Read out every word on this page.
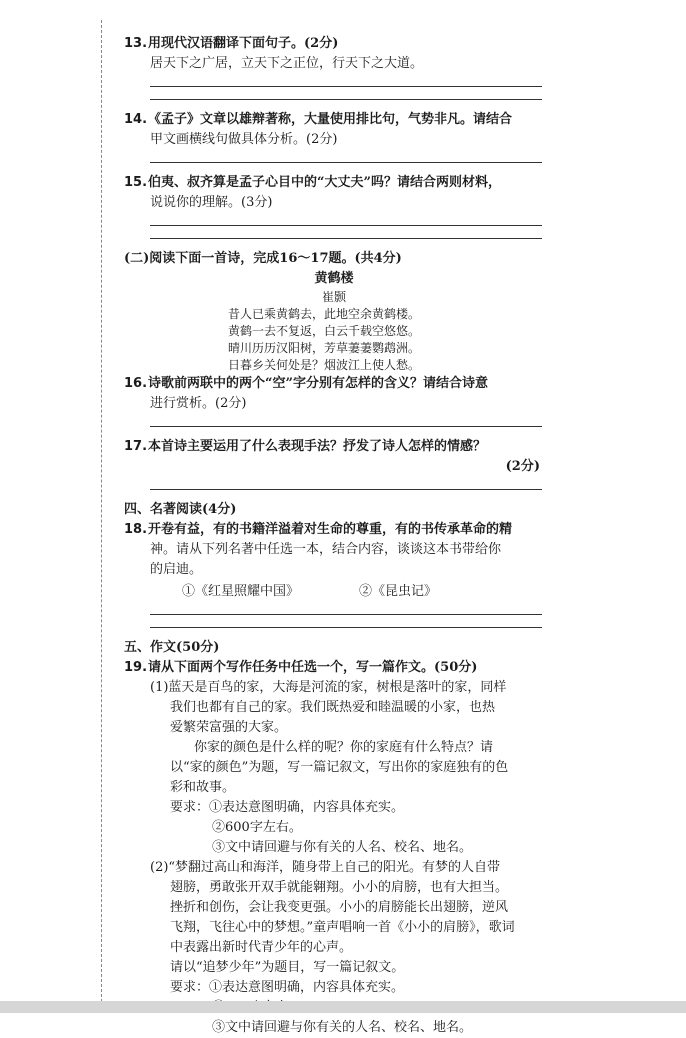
13.用现代汉语翻译下面句子。(2分)
居天下之广居，立天下之正位，行天下之大道。
14.《孟子》文章以雄辩著称，大量使用排比句，气势非凡。请结合
甲文画横线句做具体分析。(2分)
15.伯夷、叔齐算是孟子心目中的“大丈夫”吗？请结合两则材料，
说说你的理解。(3分)
(二)阅读下面一首诗，完成16～17题。(共4分)
黄鹤楼
崔颢
昔人已乘黄鹤去，此地空余黄鹤楼。
黄鹤一去不复返，白云千载空悠悠。
晴川历历汉阳树，芳草萋萋鹦鹉洲。
日暮乡关何处是？烟波江上使人愁。
16.诗歌前两联中的两个“空”字分别有怎样的含义？请结合诗意
进行赏析。(2分)
17.本首诗主要运用了什么表现手法？抒发了诗人怎样的情感？
(2分)
四、名著阅读(4分)
18.开卷有益，有的书籍洋溢着对生命的尊重，有的书传承革命的精
神。请从下列名著中任选一本，结合内容，谈谈这本书带给你
的启迪。
①《红星照耀中国》	②《昆虫记》
五、作文(50分)
19.请从下面两个写作任务中任选一个，写一篇作文。(50分)
(1)蓝天是百鸟的家，大海是河流的家，树根是落叶的家，同样
我们也都有自己的家。我们既热爱和睦温暖的小家，也热
爱繁荣富强的大家。
你家的颜色是什么样的呢？你的家庭有什么特点？请
以“家的颜色”为题，写一篇记叙文，写出你的家庭独有的色
彩和故事。
要求：①表达意图明确，内容具体充实。
②600字左右。
③文中请回避与你有关的人名、校名、地名。
(2)“梦翻过高山和海洋，随身带上自己的阳光。有梦的人自带
翅膀，勇敢张开双手就能翱翔。小小的肩膀，也有大担当。
挫折和创伤，会让我变更强。小小的肩膀能长出翅膀，逆风
飞翔，飞往心中的梦想。”童声唱响一首《小小的肩膀》，歌词
中表露出新时代青少年的心声。
请以“追梦少年”为题目，写一篇记叙文。
要求：①表达意图明确，内容具体充实。
③文中请回避与你有关的人名、校名、地名。
